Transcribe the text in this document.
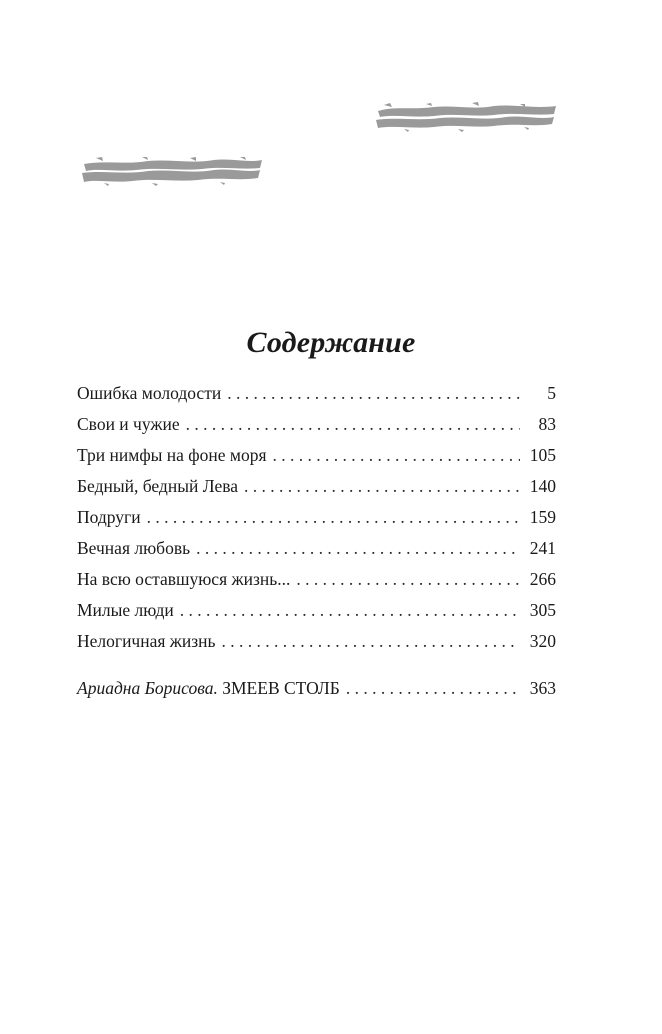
Содержание
Ошибка молодости . . .	5
Свои и чужие . . .	83
Три нимфы на фоне моря . . .	105
Бедный, бедный Лева . . .	140
Подруги . . .	159
Вечная любовь . . .	241
На всю оставшуюся жизнь... . . .	266
Милые люди . . .	305
Нелогичная жизнь . . .	320
Ариадна Борисова. ЗМЕЕВ СТОЛБ . . .	363
